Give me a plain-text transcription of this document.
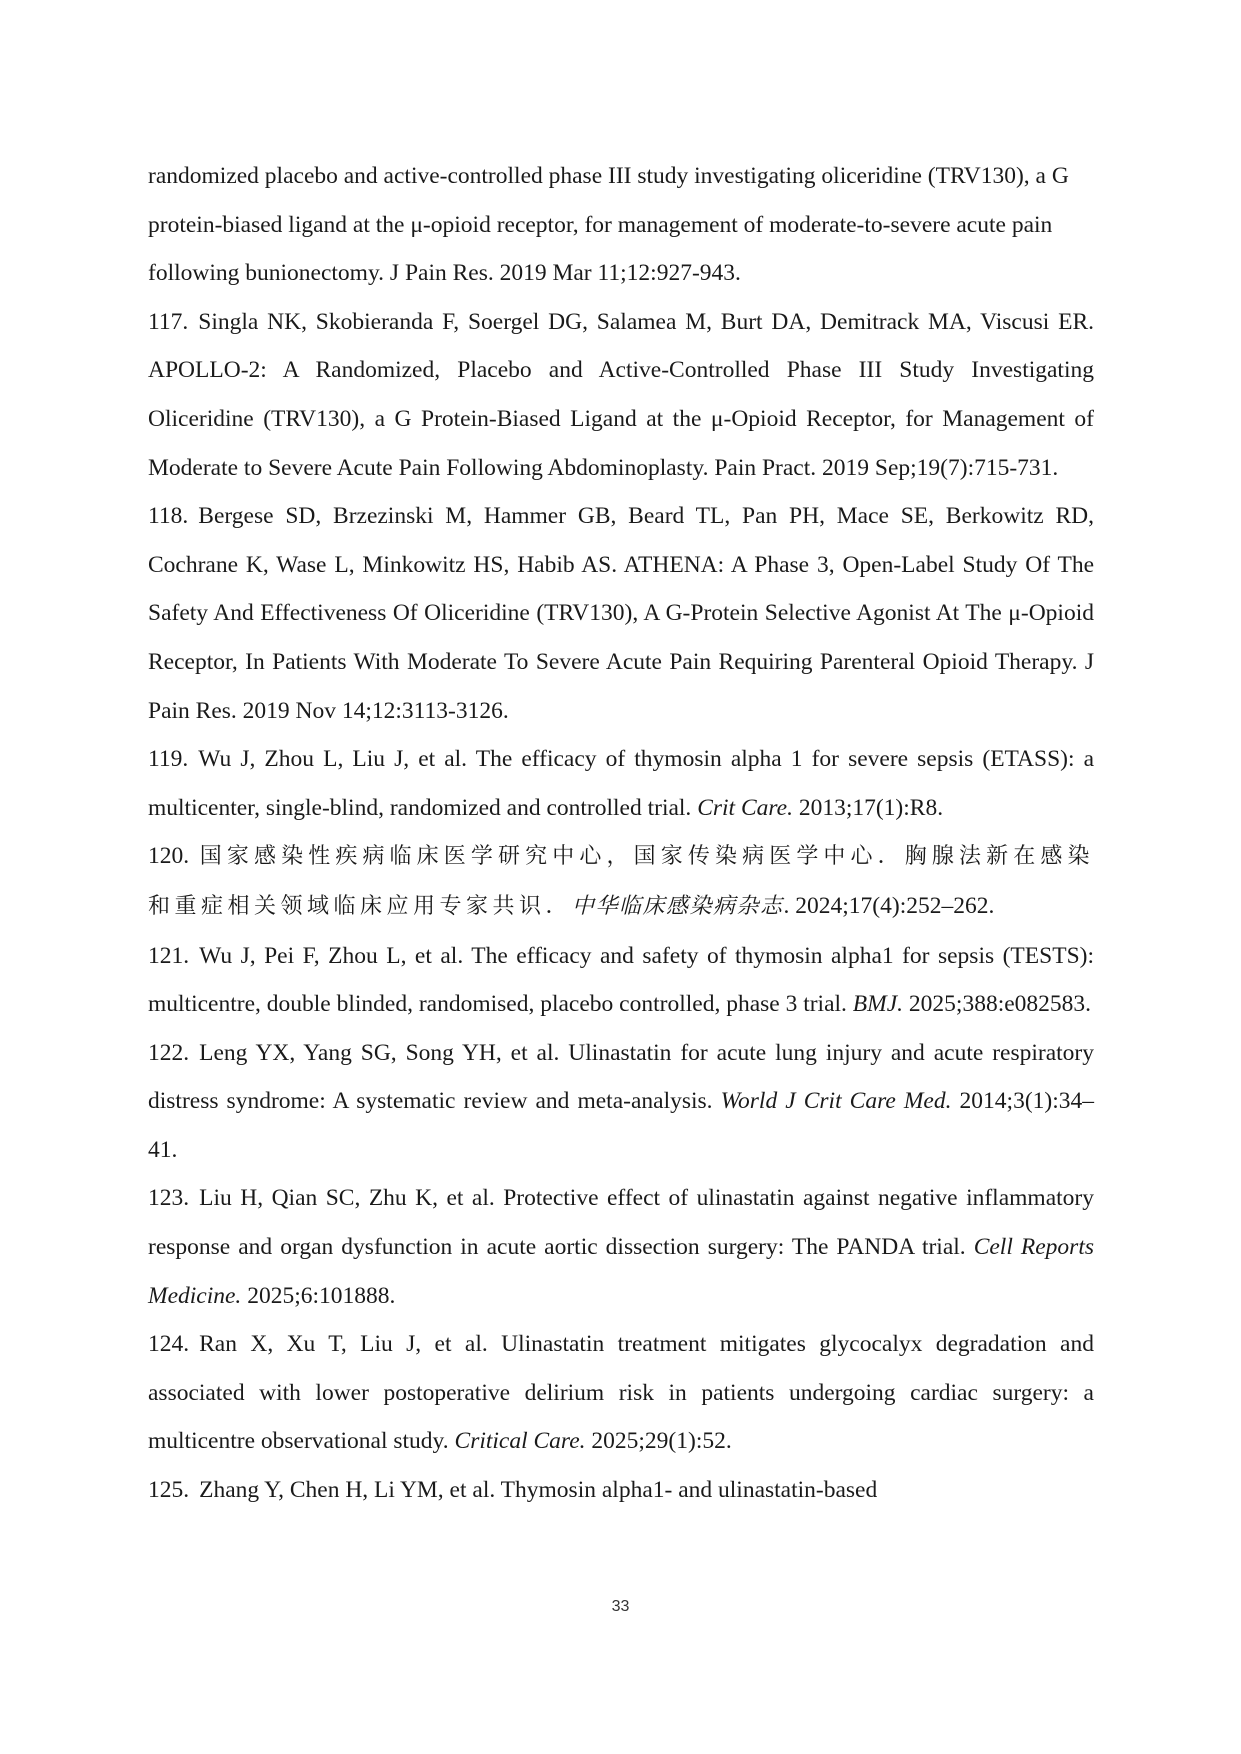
randomized placebo and active-controlled phase III study investigating oliceridine (TRV130), a G protein-biased ligand at the μ-opioid receptor, for management of moderate-to-severe acute pain following bunionectomy. J Pain Res. 2019 Mar 11;12:927-943.

117. Singla NK, Skobieranda F, Soergel DG, Salamea M, Burt DA, Demitrack MA, Viscusi ER. APOLLO-2: A Randomized, Placebo and Active-Controlled Phase III Study Investigating Oliceridine (TRV130), a G Protein-Biased Ligand at the μ-Opioid Receptor, for Management of Moderate to Severe Acute Pain Following Abdominoplasty. Pain Pract. 2019 Sep;19(7):715-731.

118. Bergese SD, Brzezinski M, Hammer GB, Beard TL, Pan PH, Mace SE, Berkowitz RD, Cochrane K, Wase L, Minkowitz HS, Habib AS. ATHENA: A Phase 3, Open-Label Study Of The Safety And Effectiveness Of Oliceridine (TRV130), A G-Protein Selective Agonist At The μ-Opioid Receptor, In Patients With Moderate To Severe Acute Pain Requiring Parenteral Opioid Therapy. J Pain Res. 2019 Nov 14;12:3113-3126.

119. Wu J, Zhou L, Liu J, et al. The efficacy of thymosin alpha 1 for severe sepsis (ETASS): a multicenter, single-blind, randomized and controlled trial. Crit Care. 2013;17(1):R8.

120. 国家感染性疾病临床医学研究中心，国家传染病医学中心．胸腺法新在感染和重症相关领域临床应用专家共识．中华临床感染病杂志. 2024;17(4):252–262.

121. Wu J, Pei F, Zhou L, et al. The efficacy and safety of thymosin alpha1 for sepsis (TESTS): multicentre, double blinded, randomised, placebo controlled, phase 3 trial. BMJ. 2025;388:e082583.

122. Leng YX, Yang SG, Song YH, et al. Ulinastatin for acute lung injury and acute respiratory distress syndrome: A systematic review and meta-analysis. World J Crit Care Med. 2014;3(1):34–41.

123. Liu H, Qian SC, Zhu K, et al. Protective effect of ulinastatin against negative inflammatory response and organ dysfunction in acute aortic dissection surgery: The PANDA trial. Cell Reports Medicine. 2025;6:101888.

124. Ran X, Xu T, Liu J, et al. Ulinastatin treatment mitigates glycocalyx degradation and associated with lower postoperative delirium risk in patients undergoing cardiac surgery: a multicentre observational study. Critical Care. 2025;29(1):52.

125. Zhang Y, Chen H, Li YM, et al. Thymosin alpha1- and ulinastatin-based

33
